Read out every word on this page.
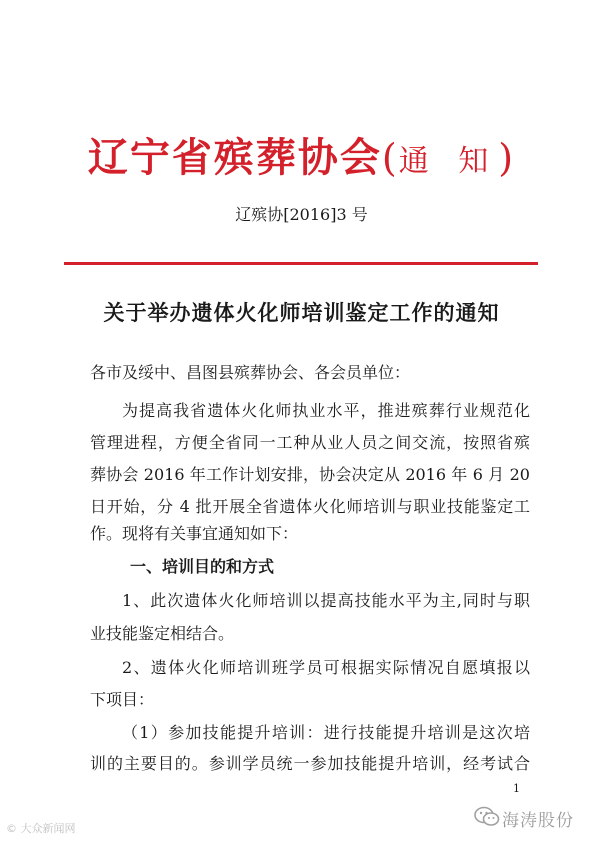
辽宁省殡葬协会(通 知)
辽殡协[2016]3 号
关于举办遗体火化师培训鉴定工作的通知
各市及绥中、昌图县殡葬协会、各会员单位：
为提高我省遗体火化师执业水平，推进殡葬行业规范化
管理进程，方便全省同一工种从业人员之间交流，按照省殡
葬协会 2016 年工作计划安排，协会决定从 2016 年 6 月 20
日开始，分 4 批开展全省遗体火化师培训与职业技能鉴定工
作。现将有关事宜通知如下：
一、培训目的和方式
1、此次遗体火化师培训以提高技能水平为主,同时与职
业技能鉴定相结合。
2、遗体火化师培训班学员可根据实际情况自愿填报以
下项目：
（1）参加技能提升培训：进行技能提升培训是这次培
训的主要目的。参训学员统一参加技能提升培训，经考试合
1
© 大众新闻网	海涛股份
